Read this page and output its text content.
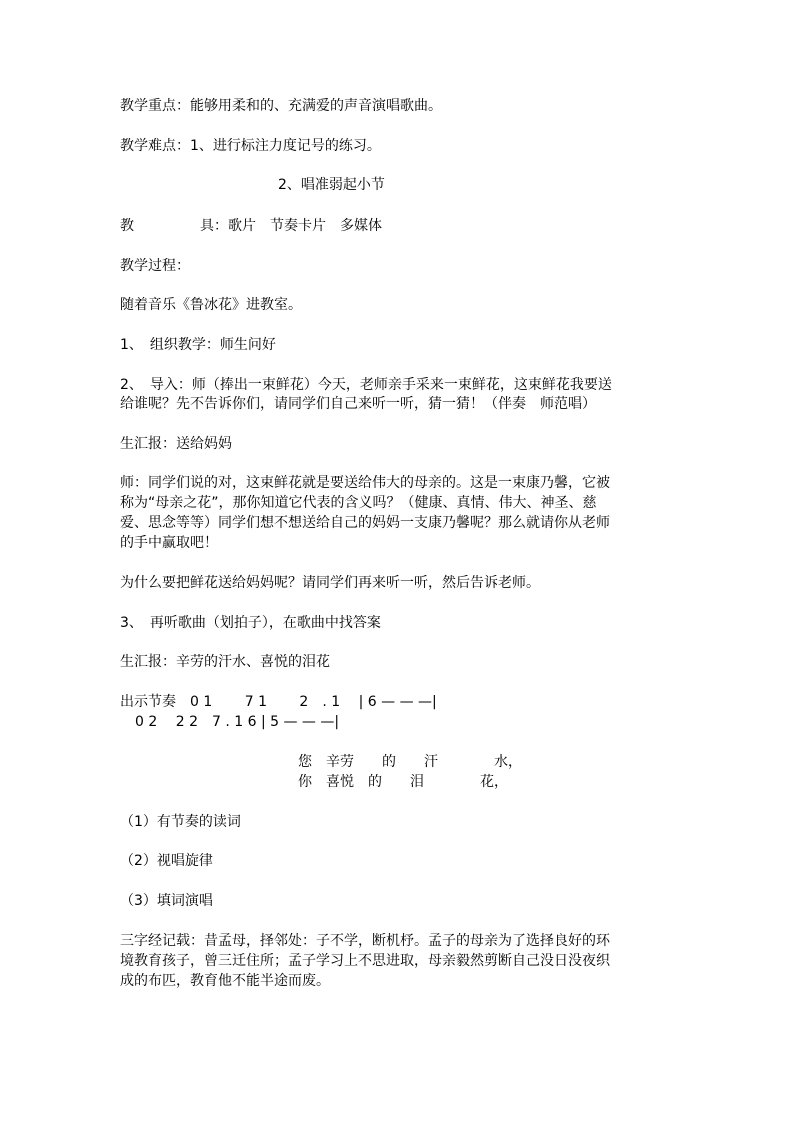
教学重点：能够用柔和的、充满爱的声音演唱歌曲。
教学难点：1、进行标注力度记号的练习。
2、唱准弱起小节
教	具：歌片　节奏卡片　多媒体
教学过程：
随着音乐《鲁冰花》进教室。
1、　组织教学：师生问好
2、　导入：师（捧出一束鲜花）今天，老师亲手采来一束鲜花，这束鲜花我要送
给谁呢？先不告诉你们，请同学们自己来听一听，猜一猜！（伴奏　师范唱）
生汇报：送给妈妈
师：同学们说的对，这束鲜花就是要送给伟大的母亲的。这是一束康乃馨，它被
称为“母亲之花”，那你知道它代表的含义吗？（健康、真情、伟大、神圣、慈
爱、思念等等）同学们想不想送给自己的妈妈一支康乃馨呢？那么就请你从老师
的手中赢取吧！
为什么要把鲜花送给妈妈呢？请同学们再来听一听，然后告诉老师。
3、　再听歌曲（划拍子），在歌曲中找答案
生汇报：辛劳的汗水、喜悦的泪花
出示节奏　0 1　　 7 1　　 2　. 1　 | 6 — — —|
0 2　 2 2　7 . 1 6 | 5 — — —|
您　辛劳　　的　　汗　　　　水，
你　喜悦　的　　泪　　　　花，
（1）有节奏的读词
（2）视唱旋律
（3）填词演唱
三字经记载：昔孟母，择邻处：子不学，断机杼。孟子的母亲为了选择良好的环
境教育孩子，曾三迁住所；孟子学习上不思进取，母亲毅然剪断自己没日没夜织
成的布匹，教育他不能半途而废。
